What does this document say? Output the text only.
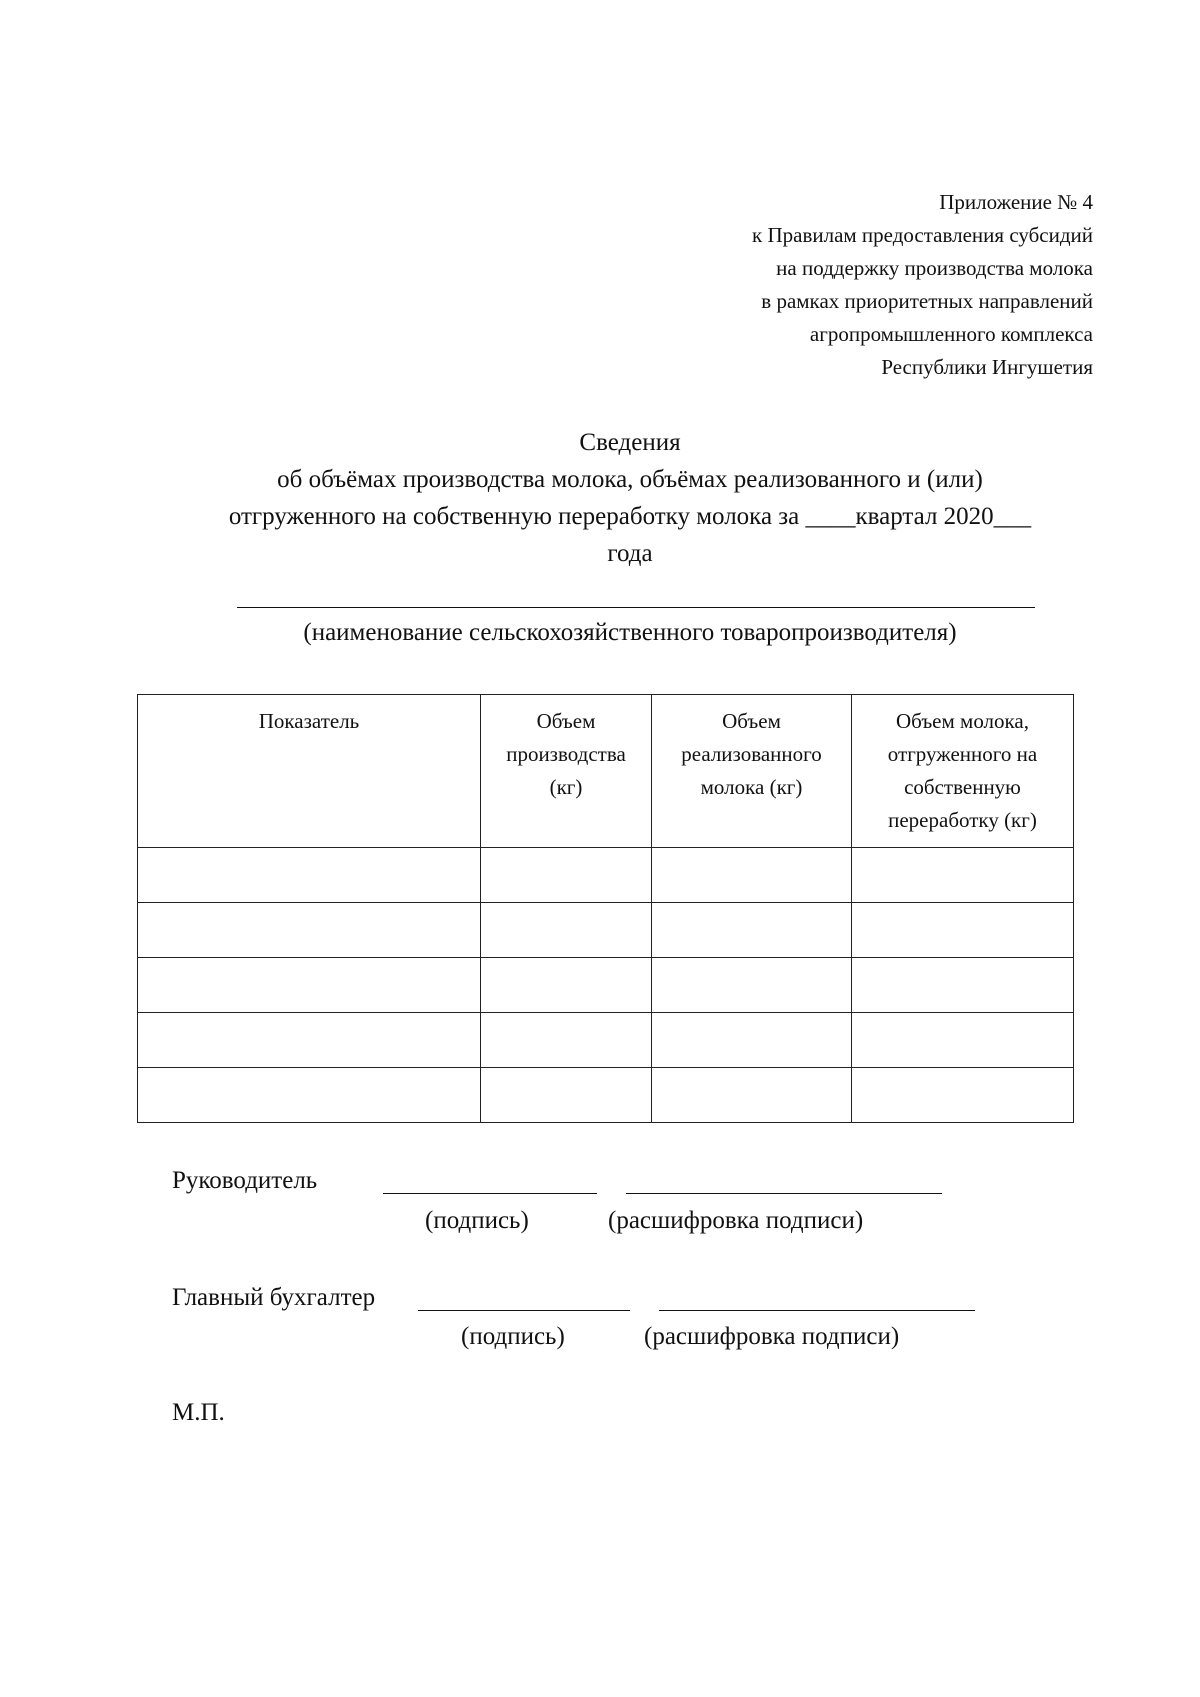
Приложение № 4
к Правилам предоставления субсидий
на поддержку производства молока
в рамках приоритетных направлений
агропромышленного комплекса
Республики Ингушетия
Сведения
об объёмах производства молока, объёмах реализованного и (или)
отгруженного на собственную переработку молока за ____квартал 2020___
года
(наименование сельскохозяйственного товаропроизводителя)
Показатель	Объем производства (кг)	Объем реализованного молока (кг)	Объем молока, отгруженного на собственную переработку (кг)

Руководитель
(подпись)	(расшифровка подписи)
Главный бухгалтер
(подпись)	(расшифровка подписи)
М.П.
